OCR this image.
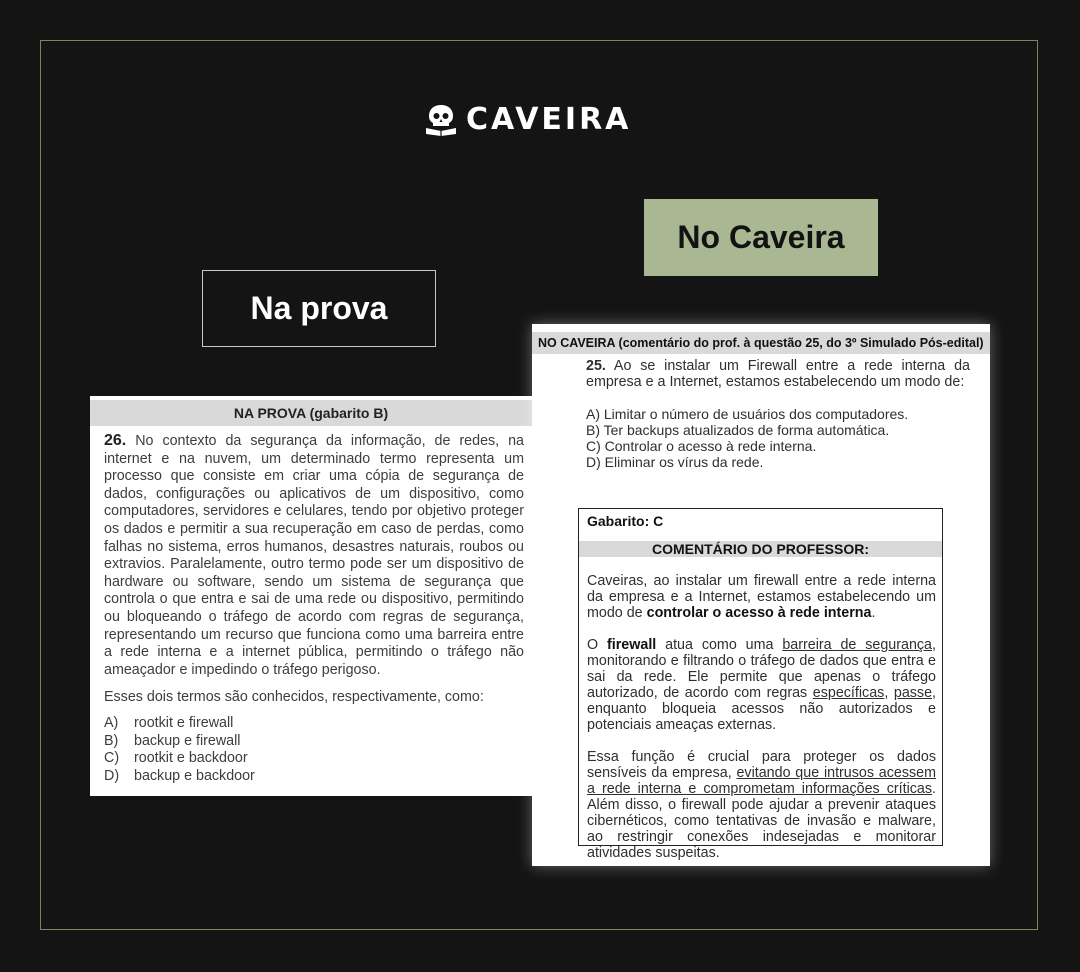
CAVEIRA
Na prova
No Caveira
NA PROVA (gabarito B)
26. No contexto da segurança da informação, de redes, na internet e na nuvem, um determinado termo representa um processo que consiste em criar uma cópia de segurança de dados, configurações ou aplicativos de um dispositivo, como computadores, servidores e celulares, tendo por objetivo proteger os dados e permitir a sua recuperação em caso de perdas, como falhas no sistema, erros humanos, desastres naturais, roubos ou extravios. Paralelamente, outro termo pode ser um dispositivo de hardware ou software, sendo um sistema de segurança que controla o que entra e sai de uma rede ou dispositivo, permitindo ou bloqueando o tráfego de acordo com regras de segurança, representando um recurso que funciona como uma barreira entre a rede interna e a internet pública, permitindo o tráfego não ameaçador e impedindo o tráfego perigoso.
Esses dois termos são conhecidos, respectivamente, como:
A) rootkit e firewall
B) backup e firewall
C) rootkit e backdoor
D) backup e backdoor
NO CAVEIRA (comentário do prof. à questão 25, do 3º Simulado Pós-edital)
25. Ao se instalar um Firewall entre a rede interna da empresa e a Internet, estamos estabelecendo um modo de:
A) Limitar o número de usuários dos computadores.
B) Ter backups atualizados de forma automática.
C) Controlar o acesso à rede interna.
D) Eliminar os vírus da rede.
Gabarito: C
COMENTÁRIO DO PROFESSOR:

Caveiras, ao instalar um firewall entre a rede interna da empresa e a Internet, estamos estabelecendo um modo de controlar o acesso à rede interna.

O firewall atua como uma barreira de segurança, monitorando e filtrando o tráfego de dados que entra e sai da rede. Ele permite que apenas o tráfego autorizado, de acordo com regras específicas, passe, enquanto bloqueia acessos não autorizados e potenciais ameaças externas.

Essa função é crucial para proteger os dados sensíveis da empresa, evitando que intrusos acessem a rede interna e comprometam informações críticas. Além disso, o firewall pode ajudar a prevenir ataques cibernéticos, como tentativas de invasão e malware, ao restringir conexões indesejadas e monitorar atividades suspeitas.
